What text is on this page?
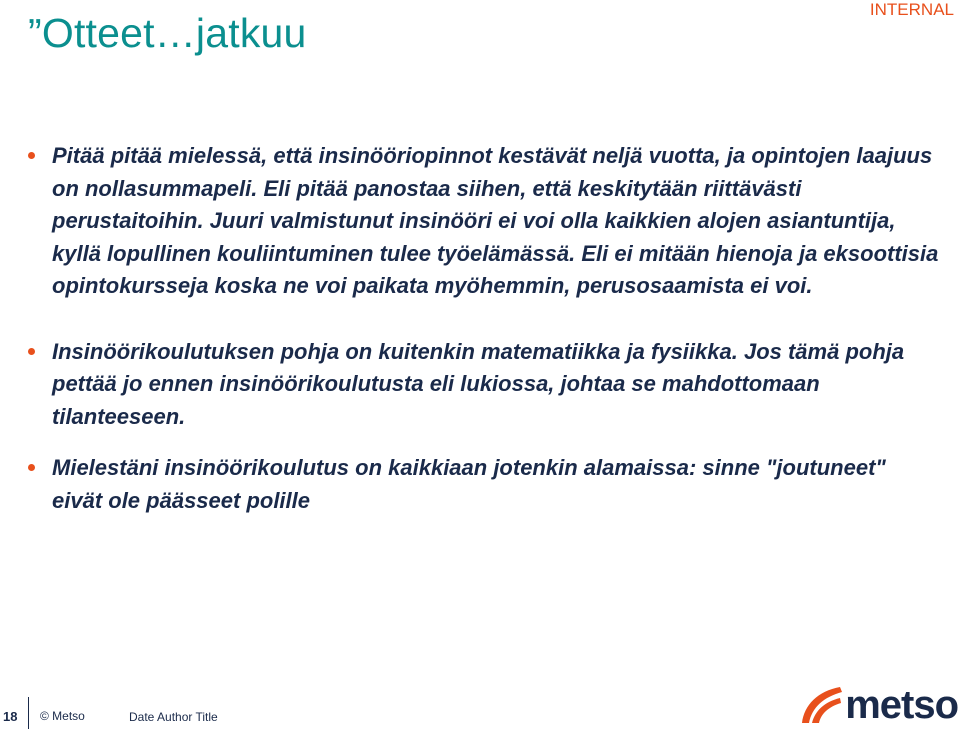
”Otteet…jatkuu
INTERNAL
Pitää pitää mielessä, että insinööriopinnot kestävät neljä vuotta, ja opintojen laajuus on nollasummapeli. Eli pitää panostaa siihen, että keskitytään riittävästi perustaitoihin. Juuri valmistunut insinööri ei voi olla kaikkien alojen asiantuntija, kyllä lopullinen kouliintuminen tulee työelämässä. Eli ei mitään hienoja ja eksoottisia opintokursseja koska ne voi paikata myöhemmin, perusosaamista ei voi.
Insinöörikoulutuksen pohja on kuitenkin matematiikka ja fysiikka. Jos tämä pohja pettää jo ennen insinöörikoulutusta eli lukiossa, johtaa se mahdottomaan tilanteeseen.
Mielestäni insinöörikoulutus on kaikkiaan jotenkin alamaissa: sinne "joutuneet" eivät ole päässeet polille
18 © Metso	Date Author Title	metso
